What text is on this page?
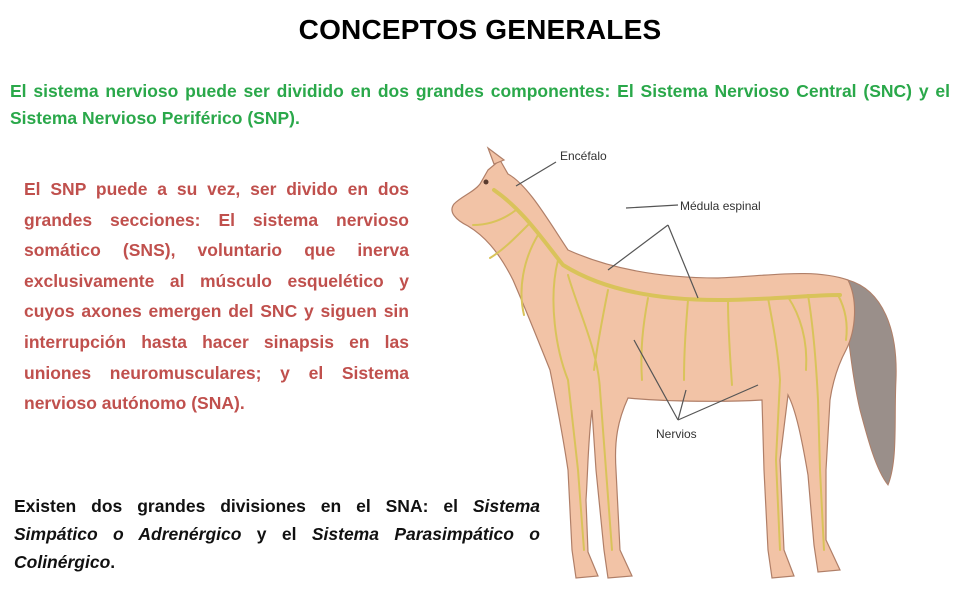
CONCEPTOS GENERALES
El sistema nervioso puede ser dividido en dos grandes componentes: El Sistema Nervioso Central (SNC) y el Sistema Nervioso Periférico (SNP).
El SNP puede a su vez, ser divido en dos grandes secciones: El sistema nervioso somático (SNS), voluntario que inerva exclusivamente al músculo esquelético y cuyos axones emergen del SNC y siguen sin interrupción hasta hacer sinapsis en las uniones neuromusculares; y el Sistema nervioso autónomo (SNA).
Existen dos grandes divisiones en el SNA: el Sistema Simpático o Adrenérgico y el Sistema Parasimpático o Colinérgico.
Encéfalo
Médula espinal
Nervios
